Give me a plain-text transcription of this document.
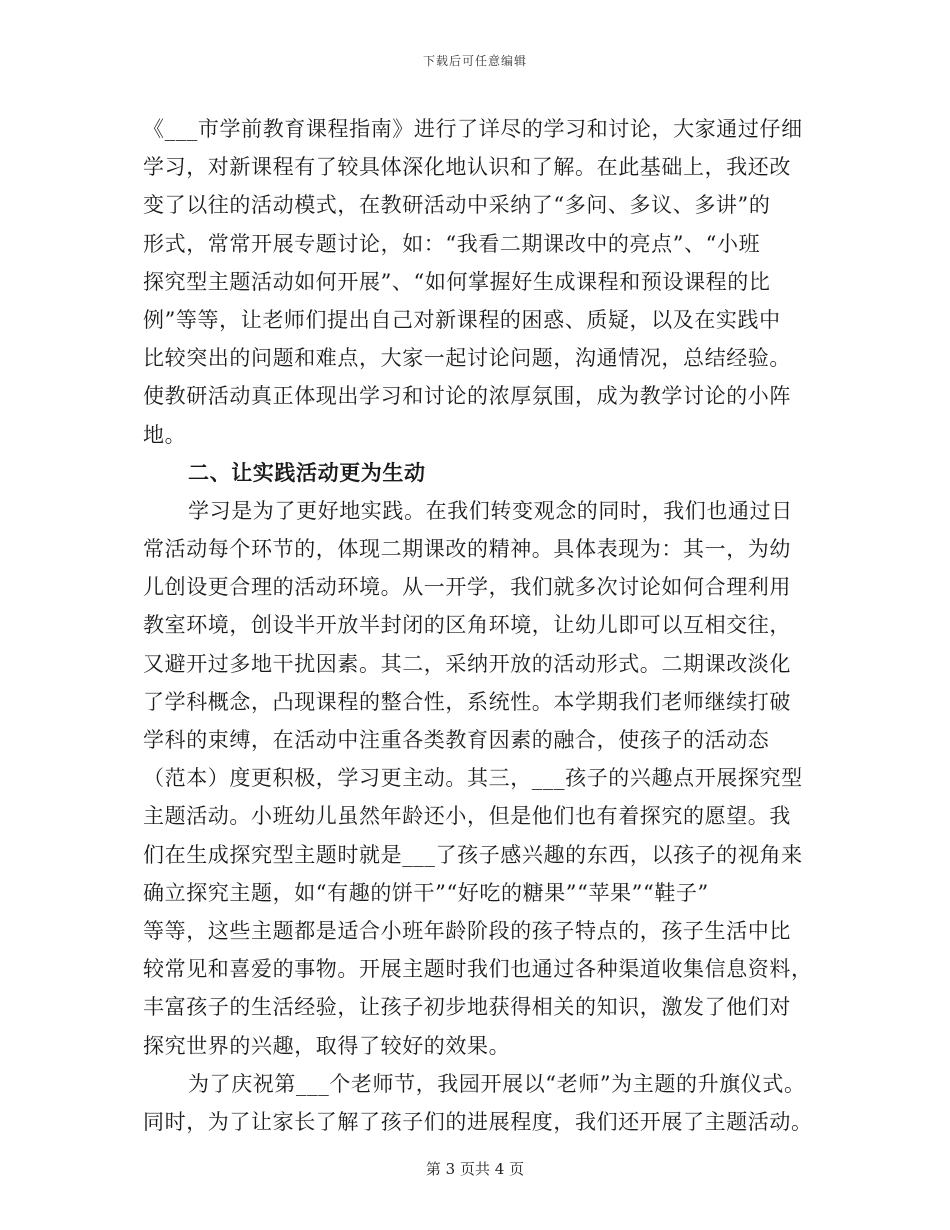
下载后可任意编辑
《___市学前教育课程指南》进行了详尽的学习和讨论，大家通过仔细
学习，对新课程有了较具体深化地认识和了解。在此基础上，我还改
变了以往的活动模式，在教研活动中采纳了“多问、多议、多讲”的
形式，常常开展专题讨论，如：“我看二期课改中的亮点”、“小班
探究型主题活动如何开展”、“如何掌握好生成课程和预设课程的比
例”等等，让老师们提出自己对新课程的困惑、质疑，以及在实践中
比较突出的问题和难点，大家一起讨论问题，沟通情况，总结经验。
使教研活动真正体现出学习和讨论的浓厚氛围，成为教学讨论的小阵
地。
二、让实践活动更为生动
学习是为了更好地实践。在我们转变观念的同时，我们也通过日
常活动每个环节的，体现二期课改的精神。具体表现为：其一，为幼
儿创设更合理的活动环境。从一开学，我们就多次讨论如何合理利用
教室环境，创设半开放半封闭的区角环境，让幼儿即可以互相交往，
又避开过多地干扰因素。其二，采纳开放的活动形式。二期课改淡化
了学科概念，凸现课程的整合性，系统性。本学期我们老师继续打破
学科的束缚，在活动中注重各类教育因素的融合，使孩子的活动态
（范本）度更积极，学习更主动。其三，___孩子的兴趣点开展探究型
主题活动。小班幼儿虽然年龄还小，但是他们也有着探究的愿望。我
们在生成探究型主题时就是___了孩子感兴趣的东西，以孩子的视角来
确立探究主题，如“有趣的饼干”“好吃的糖果”“苹果”“鞋子”
等等，这些主题都是适合小班年龄阶段的孩子特点的，孩子生活中比
较常见和喜爱的事物。开展主题时我们也通过各种渠道收集信息资料，
丰富孩子的生活经验，让孩子初步地获得相关的知识，激发了他们对
探究世界的兴趣，取得了较好的效果。
为了庆祝第___个老师节，我园开展以“老师”为主题的升旗仪式。
同时，为了让家长了解了孩子们的进展程度，我们还开展了主题活动。
第 3 页共 4 页
